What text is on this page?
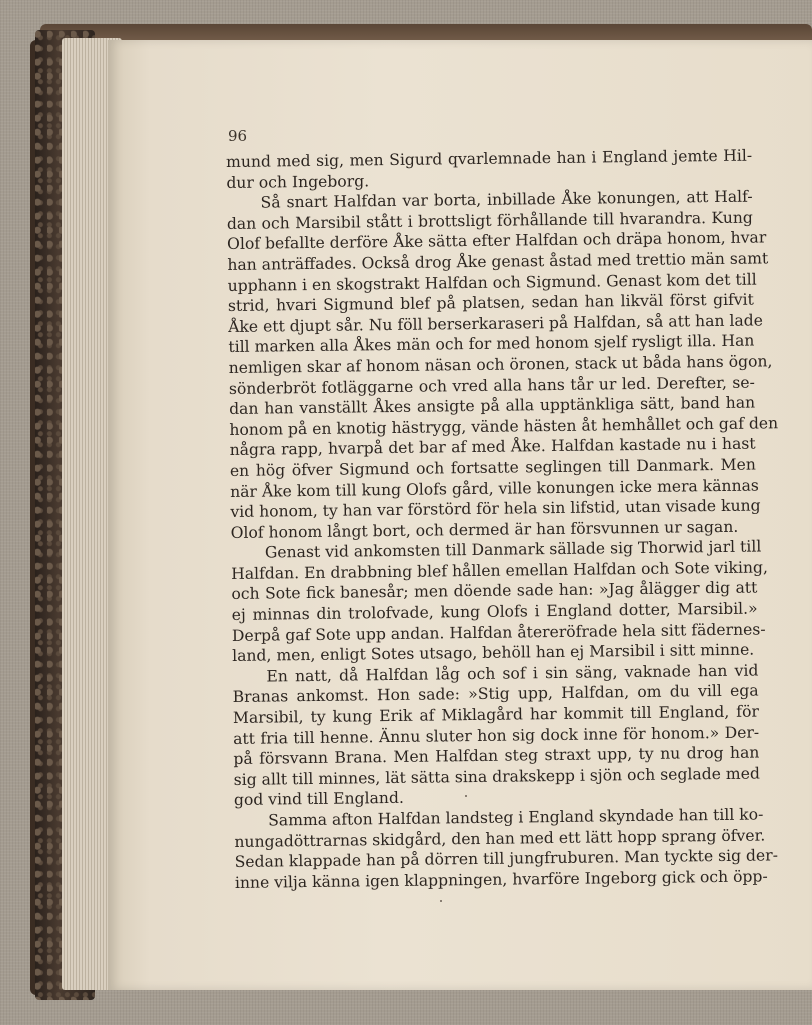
96
mund med sig, men Sigurd qvarlemnade han i England jemte Hil-
dur och Ingeborg.
Så snart Halfdan var borta, inbillade Åke konungen, att Half-
dan och Marsibil stått i brottsligt förhållande till hvarandra. Kung
Olof befallte derföre Åke sätta efter Halfdan och dräpa honom, hvar
han anträffades. Också drog Åke genast åstad med trettio män samt
upphann i en skogstrakt Halfdan och Sigmund. Genast kom det till
strid, hvari Sigmund blef på platsen, sedan han likväl först gifvit
Åke ett djupt sår. Nu föll berserkaraseri på Halfdan, så att han lade
till marken alla Åkes män och for med honom sjelf rysligt illa. Han
nemligen skar af honom näsan och öronen, stack ut båda hans ögon,
sönderbröt fotläggarne och vred alla hans tår ur led. Derefter, se-
dan han vanställt Åkes ansigte på alla upptänkliga sätt, band han
honom på en knotig hästrygg, vände hästen åt hemhållet och gaf den
några rapp, hvarpå det bar af med Åke. Halfdan kastade nu i hast
en hög öfver Sigmund och fortsatte seglingen till Danmark. Men
när Åke kom till kung Olofs gård, ville konungen icke mera kännas
vid honom, ty han var förstörd för hela sin lifstid, utan visade kung
Olof honom långt bort, och dermed är han försvunnen ur sagan.
Genast vid ankomsten till Danmark sällade sig Thorwid jarl till
Halfdan. En drabbning blef hållen emellan Halfdan och Sote viking,
och Sote fick banesår; men döende sade han: »Jag ålägger dig att
ej minnas din trolofvade, kung Olofs i England dotter, Marsibil.»
Derpå gaf Sote upp andan. Halfdan återeröfrade hela sitt fädernes-
land, men, enligt Sotes utsago, behöll han ej Marsibil i sitt minne.
En natt, då Halfdan låg och sof i sin säng, vaknade han vid
Branas ankomst. Hon sade: »Stig upp, Halfdan, om du vill ega
Marsibil, ty kung Erik af Miklagård har kommit till England, för
att fria till henne. Ännu sluter hon sig dock inne för honom.» Der-
på försvann Brana. Men Halfdan steg straxt upp, ty nu drog han
sig allt till minnes, lät sätta sina drakskepp i sjön och seglade med
god vind till England.
Samma afton Halfdan landsteg i England skyndade han till ko-
nungadöttrarnas skidgård, den han med ett lätt hopp sprang öfver.
Sedan klappade han på dörren till jungfruburen. Man tyckte sig der-
inne vilja känna igen klappningen, hvarföre Ingeborg gick och öpp-
